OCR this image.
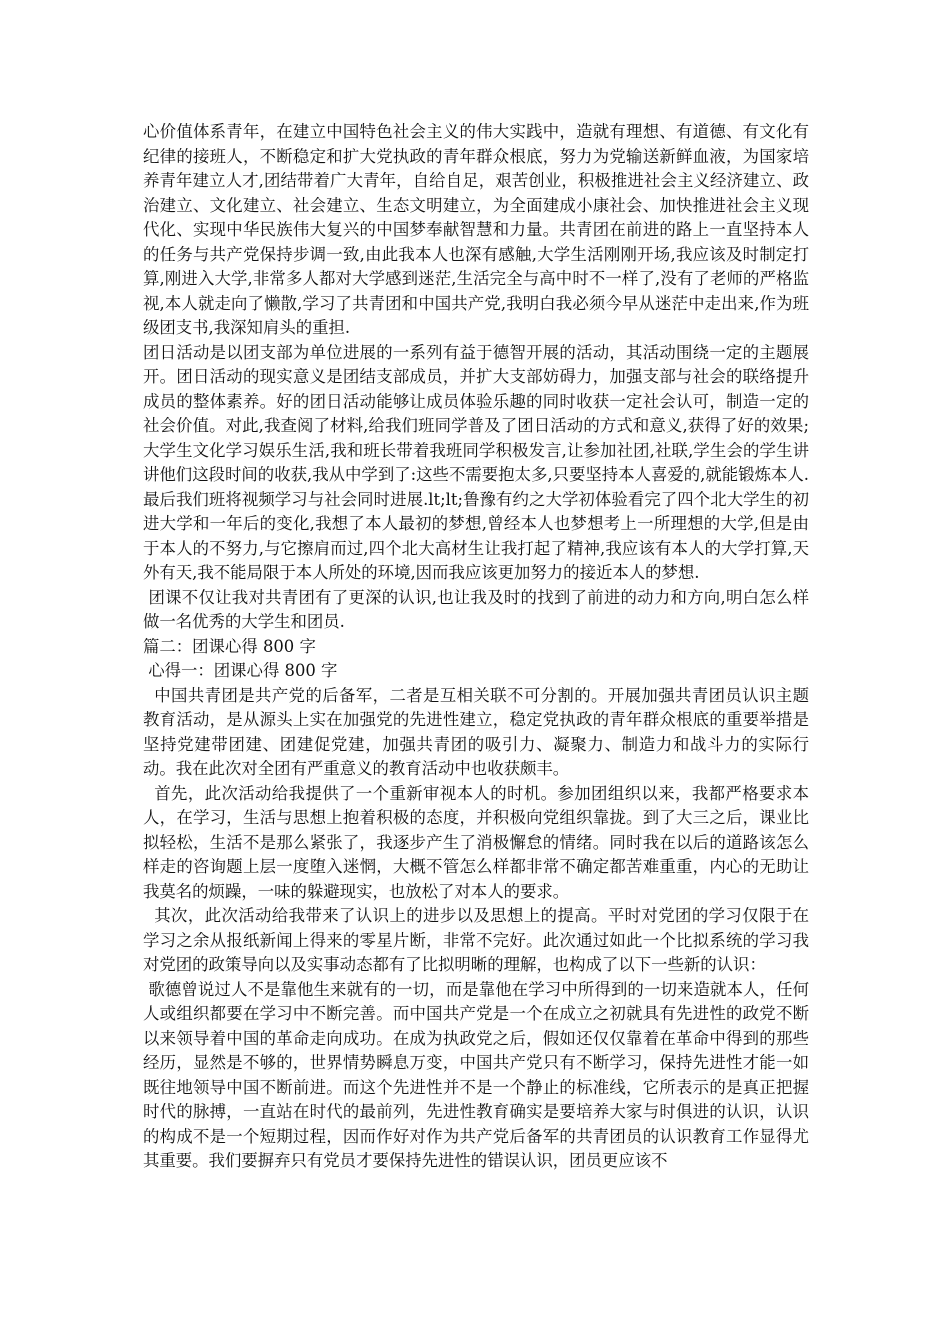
心价值体系青年，在建立中国特色社会主义的伟大实践中，造就有理想、有道德、有文化有纪律的接班人，不断稳定和扩大党执政的青年群众根底，努力为党输送新鲜血液，为国家培养青年建立人才,团结带着广大青年，自给自足，艰苦创业，积极推进社会主义经济建立、政治建立、文化建立、社会建立、生态文明建立，为全面建成小康社会、加快推进社会主义现代化、实现中华民族伟大复兴的中国梦奉献智慧和力量。共青团在前进的路上一直坚持本人的任务与共产党保持步调一致,由此我本人也深有感触,大学生活刚刚开场,我应该及时制定打算,刚进入大学,非常多人都对大学感到迷茫,生活完全与高中时不一样了,没有了老师的严格监视,本人就走向了懒散,学习了共青团和中国共产党,我明白我必须今早从迷茫中走出来,作为班级团支书,我深知肩头的重担.

团日活动是以团支部为单位进展的一系列有益于德智开展的活动，其活动围绕一定的主题展开。团日活动的现实意义是团结支部成员，并扩大支部妨碍力，加强支部与社会的联络提升成员的整体素养。好的团日活动能够让成员体验乐趣的同时收获一定社会认可，制造一定的社会价值。对此,我查阅了材料,给我们班同学普及了团日活动的方式和意义,获得了好的效果;大学生文化学习娱乐生活,我和班长带着我班同学积极发言,让参加社团,社联,学生会的学生讲讲他们这段时间的收获,我从中学到了:这些不需要抱太多,只要坚持本人喜爱的,就能锻炼本人.最后我们班将视频学习与社会同时进展.lt;lt;鲁豫有约之大学初体验看完了四个北大学生的初进大学和一年后的变化,我想了本人最初的梦想,曾经本人也梦想考上一所理想的大学,但是由于本人的不努力,与它擦肩而过,四个北大高材生让我打起了精神,我应该有本人的大学打算,天外有天,我不能局限于本人所处的环境,因而我应该更加努力的接近本人的梦想.

团课不仅让我对共青团有了更深的认识,也让我及时的找到了前进的动力和方向,明白怎么样做一名优秀的大学生和团员.

篇二：团课心得 800 字

心得一：团课心得 800 字

中国共青团是共产党的后备军，二者是互相关联不可分割的。开展加强共青团员认识主题教育活动，是从源头上实在加强党的先进性建立，稳定党执政的青年群众根底的重要举措是坚持党建带团建、团建促党建，加强共青团的吸引力、凝聚力、制造力和战斗力的实际行动。我在此次对全团有严重意义的教育活动中也收获颇丰。

首先，此次活动给我提供了一个重新审视本人的时机。参加团组织以来，我都严格要求本人，在学习，生活与思想上抱着积极的态度，并积极向党组织靠拢。到了大三之后，课业比拟轻松，生活不是那么紧张了，我逐步产生了消极懈怠的情绪。同时我在以后的道路该怎么样走的咨询题上层一度堕入迷惘，大概不管怎么样都非常不确定都苦难重重，内心的无助让我莫名的烦躁，一味的躲避现实，也放松了对本人的要求。

其次，此次活动给我带来了认识上的进步以及思想上的提高。平时对党团的学习仅限于在学习之余从报纸新闻上得来的零星片断，非常不完好。此次通过如此一个比拟系统的学习我对党团的政策导向以及实事动态都有了比拟明晰的理解，也构成了以下一些新的认识：

歌德曾说过人不是靠他生来就有的一切，而是靠他在学习中所得到的一切来造就本人，任何人或组织都要在学习中不断完善。而中国共产党是一个在成立之初就具有先进性的政党不断以来领导着中国的革命走向成功。在成为执政党之后，假如还仅仅靠着在革命中得到的那些经历，显然是不够的，世界情势瞬息万变，中国共产党只有不断学习，保持先进性才能一如既往地领导中国不断前进。而这个先进性并不是一个静止的标准线，它所表示的是真正把握时代的脉搏，一直站在时代的最前列，先进性教育确实是要培养大家与时俱进的认识，认识的构成不是一个短期过程，因而作好对作为共产党后备军的共青团员的认识教育工作显得尤其重要。我们要摒弃只有党员才要保持先进性的错误认识，团员更应该不
